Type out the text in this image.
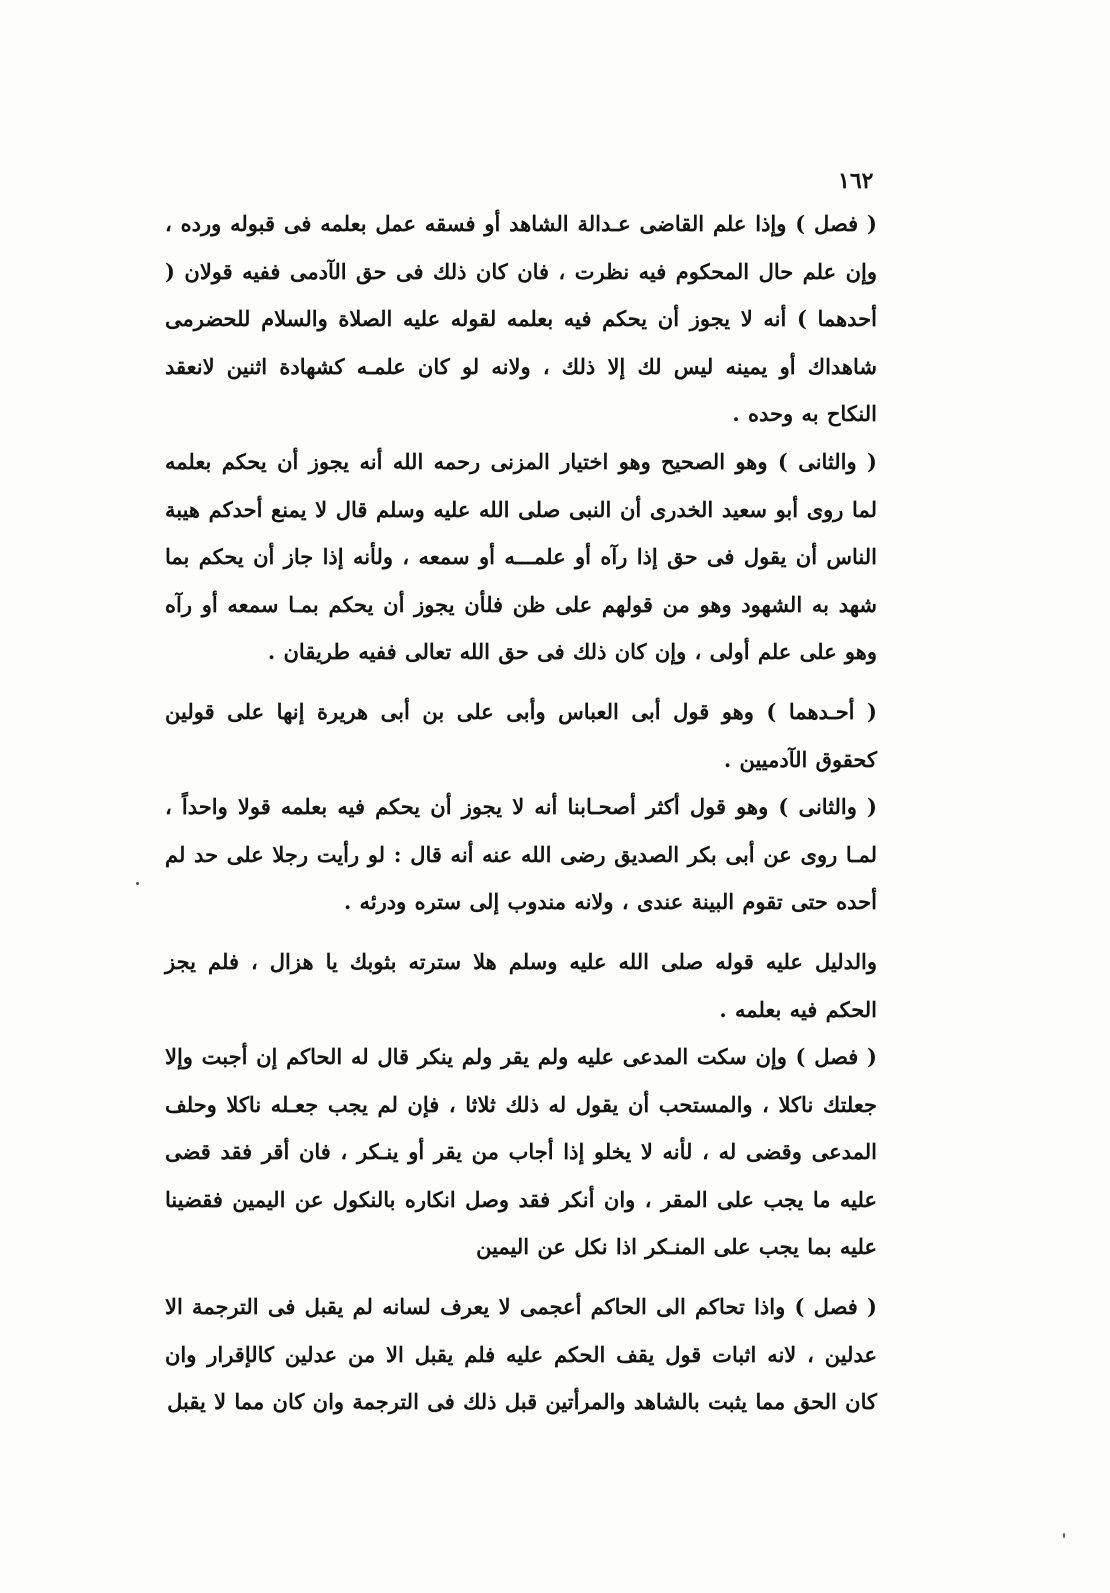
١٦٢

( فصل ) وإذا علم القاضى عـدالة الشاهد أو فسقه عمل بعلمه فى قبوله ورده ، وإن علم حال المحكوم فيه نظرت ، فان كان ذلك فى حق الآدمى ففيه قولان ( أحدهما ) أنه لا يجوز أن يحكم فيه بعلمه لقوله عليه الصلاة والسلام للحضرمى شاهداك أو يمينه ليس لك إلا ذلك ، ولانه لو كان علمـه كشهادة اثنين لانعقد النكاح به وحده .

( والثانى ) وهو الصحيح وهو اختيار المزنى رحمه الله أنه يجوز أن يحكم بعلمه لما روى أبو سعيد الخدرى أن النبى صلى الله عليه وسلم قال لا يمنع أحدكم هيبة الناس أن يقول فى حق إذا رآه أو علمـــه أو سمعه ، ولأنه إذا جاز أن يحكم بما شهد به الشهود وهو من قولهم على ظن فلأن يجوز أن يحكم بمـا سمعه أو رآه وهو على علم أولى ، وإن كان ذلك فى حق الله تعالى ففيه طريقان .

( أحـدهما ) وهو قول أبى العباس وأبى على بن أبى هريرة إنها على قولين كحقوق الآدميين .

( والثانى ) وهو قول أكثر أصحـابنا أنه لا يجوز أن يحكم فيه بعلمه قولا واحداً ، لمـا روى عن أبى بكر الصديق رضى الله عنه أنه قال : لو رأيت رجلا على حد لم أحده حتى تقوم البينة عندى ، ولانه مندوب إلى ستره ودرئه .

والدليل عليه قوله صلى الله عليه وسلم هلا سترته بثوبك يا هزال ، فلم يجز الحكم فيه بعلمه .

( فصل ) وإن سكت المدعى عليه ولم يقر ولم ينكر قال له الحاكم إن أجبت وإلا جعلتك ناكلا ، والمستحب أن يقول له ذلك ثلاثا ، فإن لم يجب جعـله ناكلا وحلف المدعى وقضى له ، لأنه لا يخلو إذا أجاب من يقر أو ينـكر ، فان أقر فقد قضى عليه ما يجب على المقر ، وان أنكر فقد وصل انكاره بالنكول عن اليمين فقضينا عليه بما يجب على المنـكر اذا نكل عن اليمين

( فصل ) واذا تحاكم الى الحاكم أعجمى لا يعرف لسانه لم يقبل فى الترجمة الا عدلين ، لانه اثبات قول يقف الحكم عليه فلم يقبل الا من عدلين كالإقرار وان كان الحق مما يثبت بالشاهد والمرأتين قبل ذلك فى الترجمة وان كان مما لا يقبل
